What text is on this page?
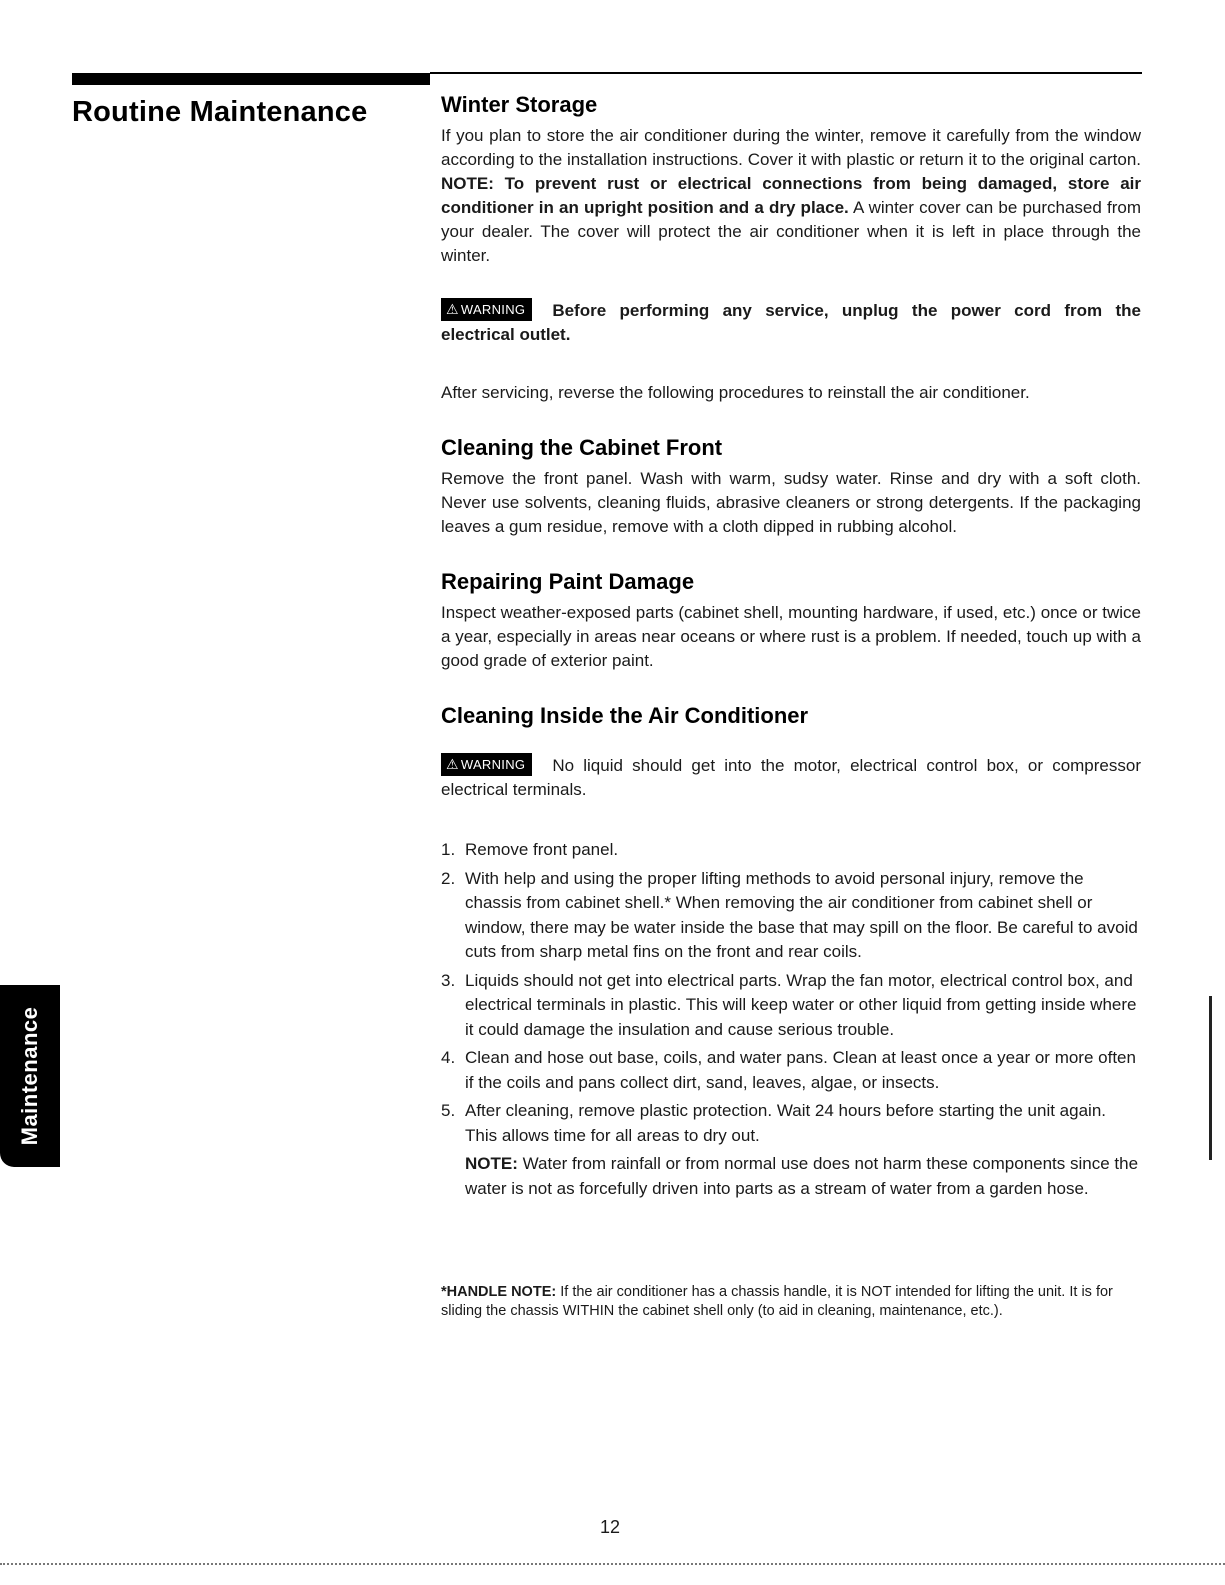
Routine Maintenance	Winter Storage

If you plan to store the air conditioner during the winter, remove it carefully from the window according to the installation instructions. Cover it with plastic or return it to the original carton. NOTE: To prevent rust or electrical connections from being damaged, store air conditioner in an upright position and a dry place. A winter cover can be purchased from your dealer. The cover will protect the air conditioner when it is left in place through the winter.

⚠ WARNING Before performing any service, unplug the power cord from the electrical outlet.

After servicing, reverse the following procedures to reinstall the air conditioner.

Cleaning the Cabinet Front

Remove the front panel. Wash with warm, sudsy water. Rinse and dry with a soft cloth. Never use solvents, cleaning fluids, abrasive cleaners or strong detergents. If the packaging leaves a gum residue, remove with a cloth dipped in rubbing alcohol.

Repairing Paint Damage

Inspect weather-exposed parts (cabinet shell, mounting hardware, if used, etc.) once or twice a year, especially in areas near oceans or where rust is a problem. If needed, touch up with a good grade of exterior paint.

Cleaning Inside the Air Conditioner
⚠ WARNING No liquid should get into the motor, electrical control box, or compressor electrical terminals.
1. Remove front panel.
2. With help and using the proper lifting methods to avoid personal injury, remove the chassis from cabinet shell.* When removing the air conditioner from cabinet shell or window, there may be water inside the base that may spill on the floor. Be careful to avoid cuts from sharp metal fins on the front and rear coils.
3. Liquids should not get into electrical parts. Wrap the fan motor, electrical control box, and electrical terminals in plastic. This will keep water or other liquid from getting inside where it could damage the insulation and cause serious trouble.
4. Clean and hose out base, coils, and water pans. Clean at least once a year or more often if the coils and pans collect dirt, sand, leaves, algae, or insects.
5. After cleaning, remove plastic protection. Wait 24 hours before starting the unit again. This allows time for all areas to dry out.
NOTE: Water from rainfall or from normal use does not harm these components since the water is not as forcefully driven into parts as a stream of water from a garden hose.
*HANDLE NOTE: If the air conditioner has a chassis handle, it is NOT intended for lifting the unit. It is for sliding the chassis WITHIN the cabinet shell only (to aid in cleaning, maintenance, etc.).
12
Maintenance
